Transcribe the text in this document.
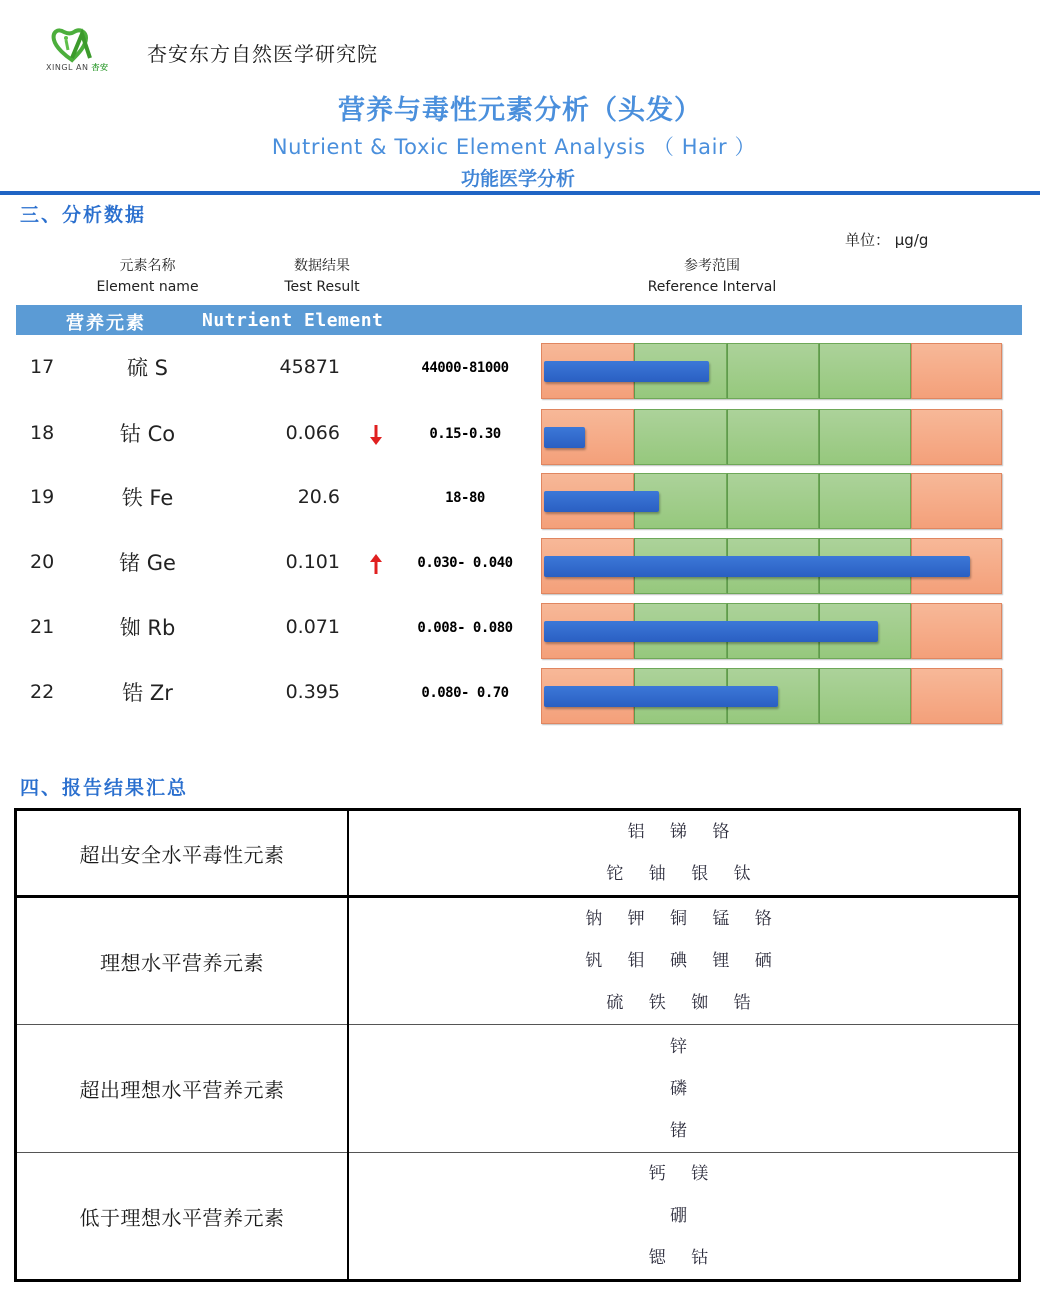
XINGL AN 杏安
杏安东方自然医学研究院
营养与毒性元素分析（头发）
Nutrient & Toxic Element Analysis （ Hair ）
功能医学分析
三、分析数据
单位： μg/g
元素名称
Element name
数据结果
Test Result
参考范围
Reference Interval
营养元素	Nutrient Element
17	硫 S	45871	44000-81000
18	钴 Co	0.066	0.15-0.30
19	铁 Fe	20.6	18-80
20	锗 Ge	0.101	0.030- 0.040
21	铷 Rb	0.071	0.008- 0.080
22	锆 Zr	0.395	0.080- 0.70
四、报告结果汇总
超出安全水平毒性元素	铝 锑 铬
铊 铀 银 钛

理想水平营养元素	钠 钾 铜 锰 铬
钒 钼 碘 锂 硒
硫 铁 铷 锆

超出理想水平营养元素	锌
磷
锗

低于理想水平营养元素	钙 镁
硼
锶 钴
